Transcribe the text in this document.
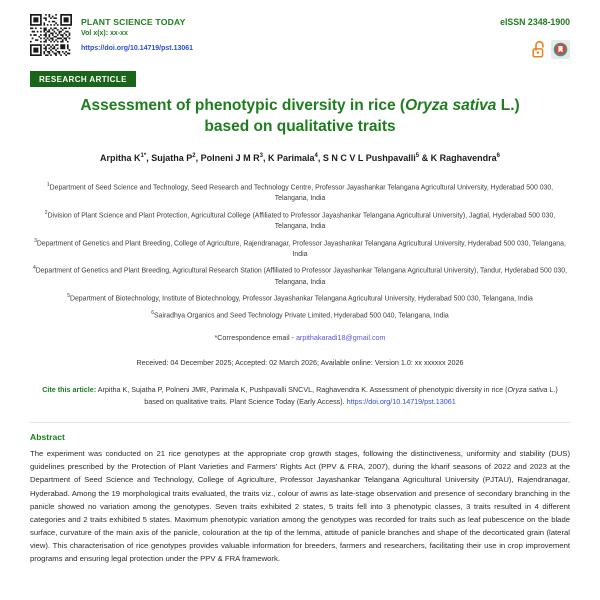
PLANT SCIENCE TODAY
Vol x(x): xx-xx
https://doi.org/10.14719/pst.13061
eISSN 2348-1900
RESEARCH ARTICLE
Assessment of phenotypic diversity in rice (Oryza sativa L.)
based on qualitative traits
Arpitha $K^{1*}$, Sujatha $P^2$, Polneni J M $R^3$, K Parimala$^4$, S N C V L Pushpavalli$^5$ & K Raghavendra$^6$
$^1$Department of Seed Science and Technology, Seed Research and Technology Centre, Professor Jayashankar Telangana Agricultural University, Hyderabad 500 030, Telangana, India
$^2$Division of Plant Science and Plant Protection, Agricultural College (Affiliated to Professor Jayashankar Telangana Agricultural University), Jagtial, Hyderabad 500 030, Telangana, India
$^3$Department of Genetics and Plant Breeding, College of Agriculture, Rajendranagar, Professor Jayashankar Telangana Agricultural University, Hyderabad 500 030, Telangana, India
$^4$Department of Genetics and Plant Breeding, Agricultural Research Station (Affiliated to Professor Jayashankar Telangana Agricultural University), Tandur, Hyderabad 500 030, Telangana, India
$^5$Department of Biotechnology, Institute of Biotechnology, Professor Jayashankar Telangana Agricultural University, Hyderabad 500 030, Telangana, India
$^6$Sairadhya Organics and Seed Technology Private Limited, Hyderabad 500 040, Telangana, India
*Correspondence email - arpithakaradi18@gmail.com
Received: 04 December 2025; Accepted: 02 March 2026; Available online: Version 1.0: xx xxxxxx 2026
Cite this article: Arpitha K, Sujatha P, Polneni JMR, Parimala K, Pushpavalli SNCVL, Raghavendra K. Assessment of phenotypic diversity in rice (Oryza sativa L.) based on qualitative traits. Plant Science Today (Early Access). https://doi.org/10.14719/pst.13061
Abstract

The experiment was conducted on 21 rice genotypes at the appropriate crop growth stages, following the distinctiveness, uniformity and stability (DUS) guidelines prescribed by the Protection of Plant Varieties and Farmers' Rights Act (PPV & FRA, 2007), during the kharif seasons of 2022 and 2023 at the Department of Seed Science and Technology, College of Agriculture, Professor Jayashankar Telangana Agricultural University (PJTAU), Rajendranagar, Hyderabad. Among the 19 morphological traits evaluated, the traits viz., colour of awns as late-stage observation and presence of secondary branching in the panicle showed no variation among the genotypes. Seven traits exhibited 2 states, 5 traits fell into 3 phenotypic classes, 3 traits resulted in 4 different categories and 2 traits exhibited 5 states. Maximum phenotypic variation among the genotypes was recorded for traits such as leaf pubescence on the blade surface, curvature of the main axis of the panicle, colouration at the tip of the lemma, attitude of panicle branches and shape of the decorticated grain (lateral view). This characterisation of rice genotypes provides valuable information for breeders, farmers and researchers, facilitating their use in crop improvement programs and ensuring legal protection under the PPV & FRA framework.
